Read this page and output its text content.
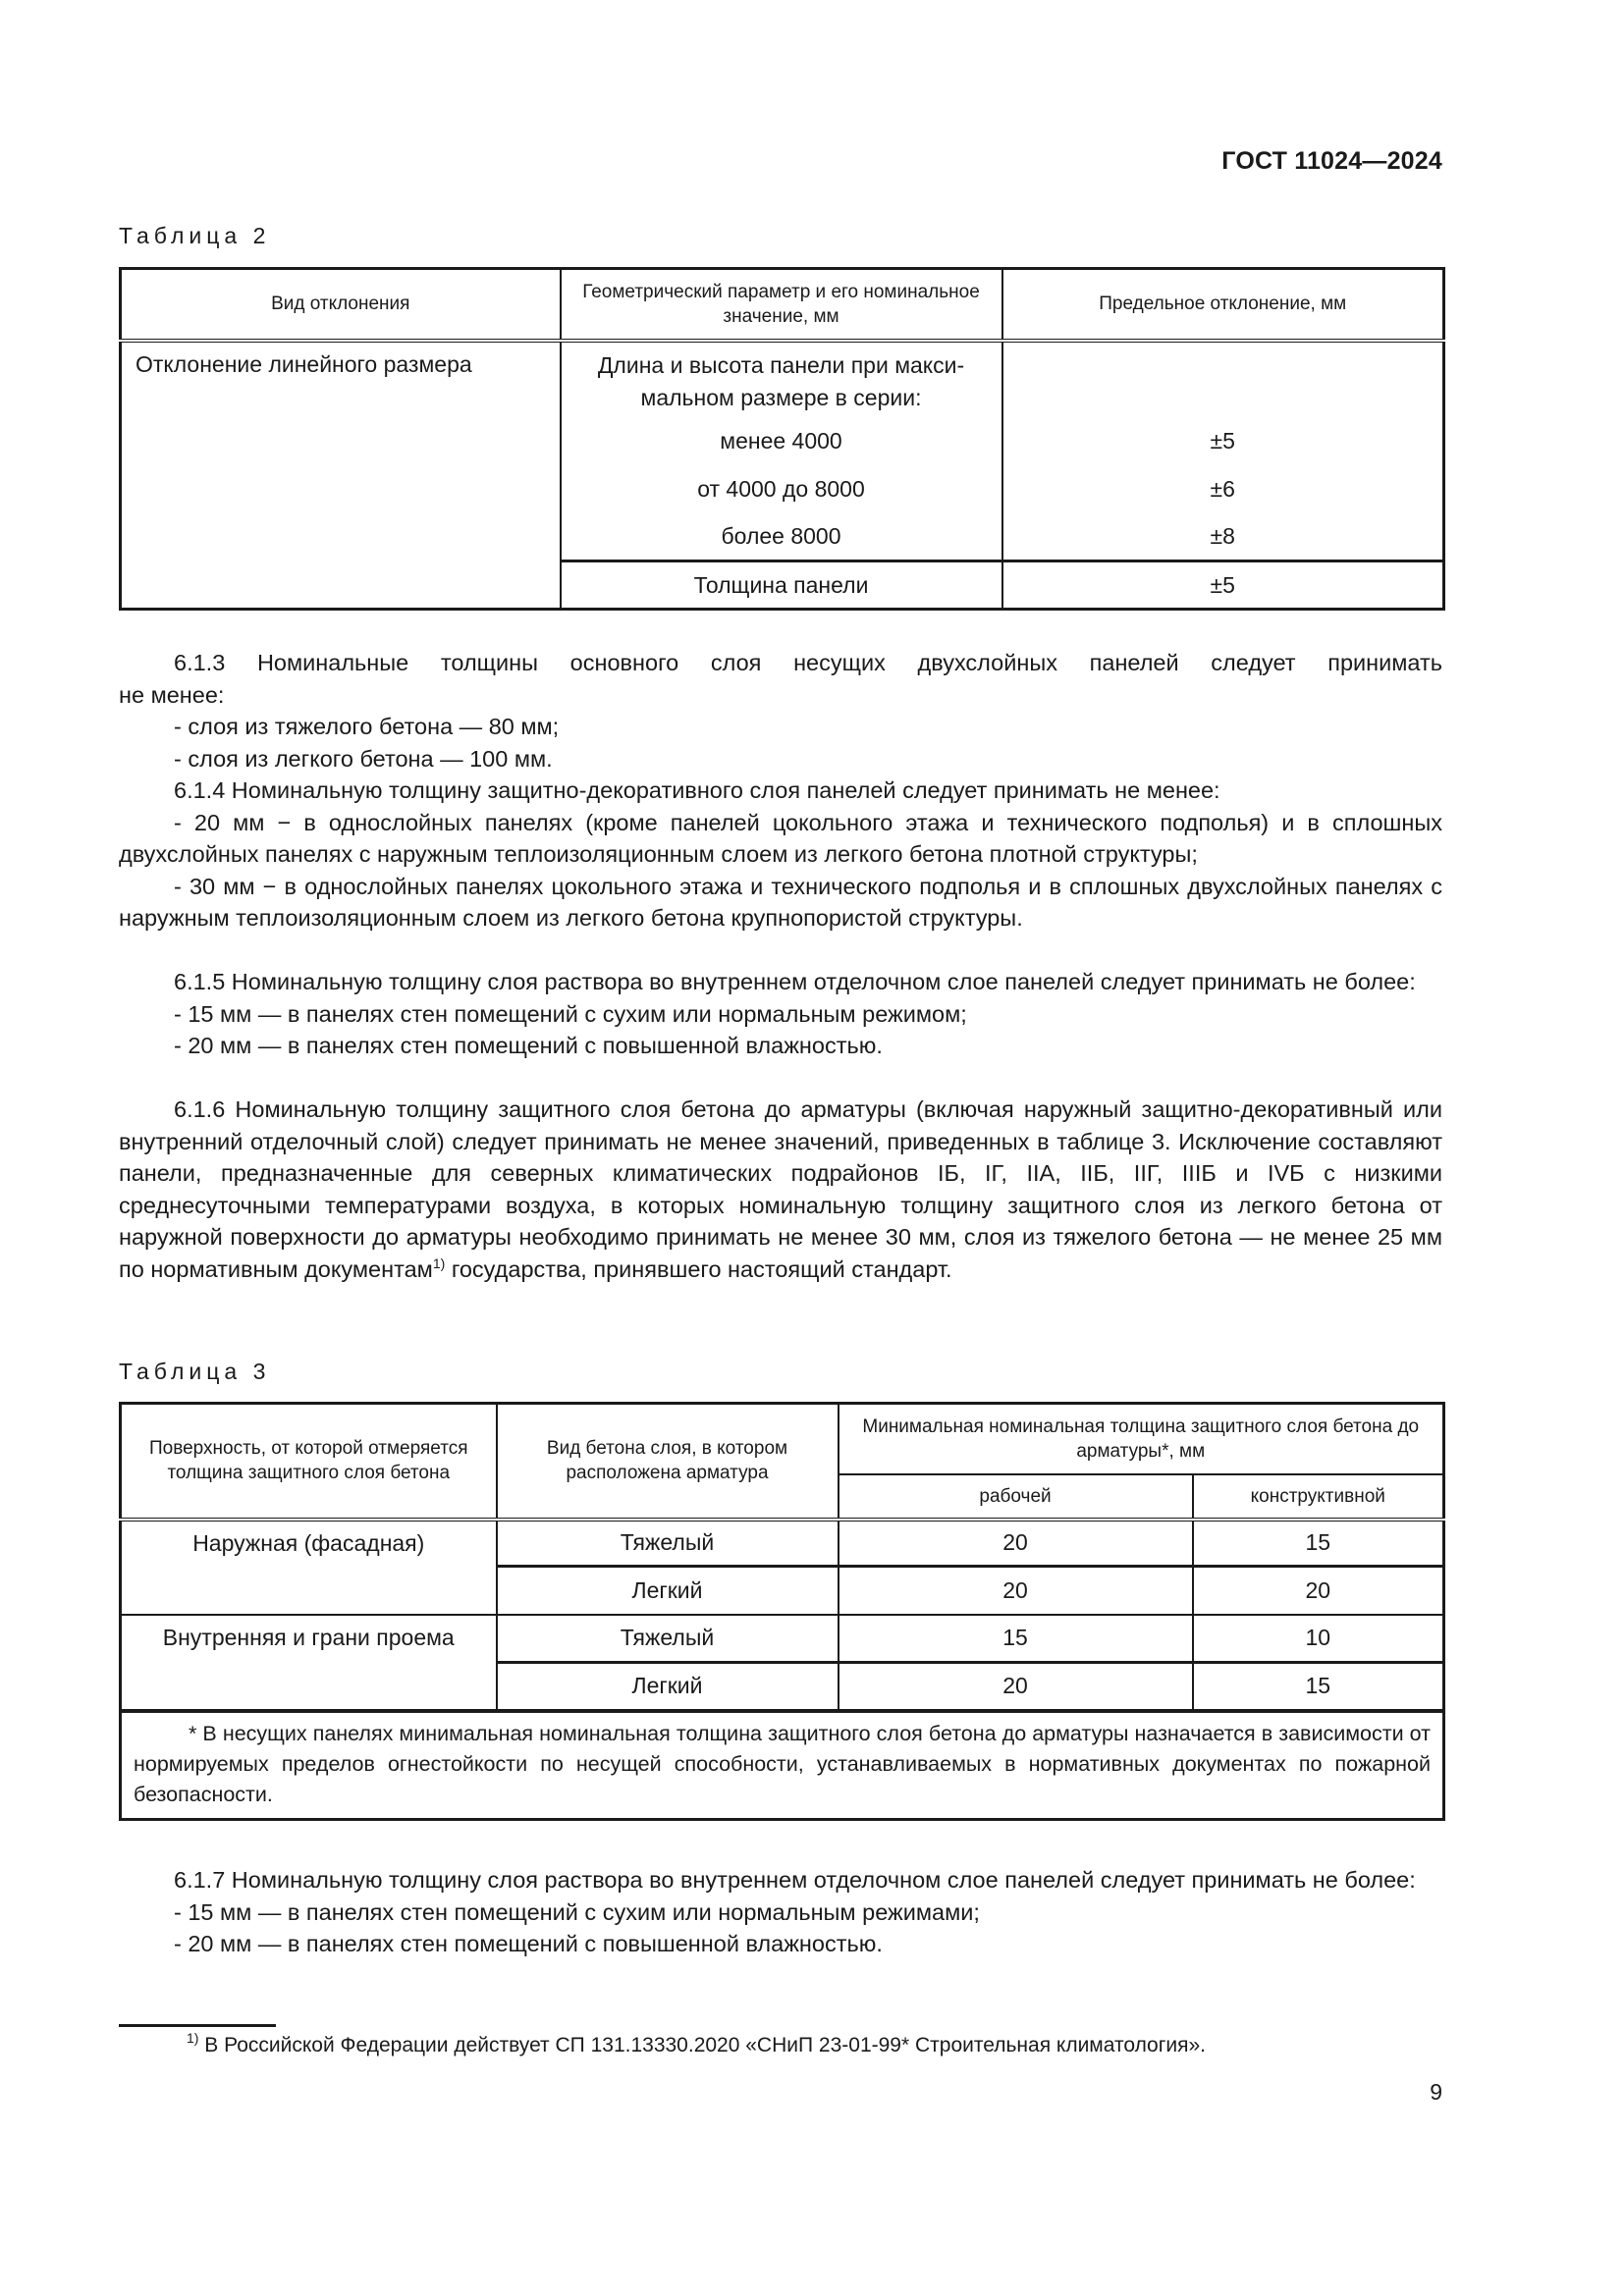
ГОСТ 11024—2024
Таблица 2
Вид отклонения	Геометрический параметр и его номинальное значение, мм	Предельное отклонение, мм
Отклонение линейного размера	Длина и высота панели при макси-
мальном размере в серии:	

	менее 4000	±5
	от 4000 до 8000	±6
	более 8000	±8
	Толщина панели	±5
6.1.3 Номинальные толщины основного слоя несущих двухслойных панелей следует принимать
не менее:
- слоя из тяжелого бетона — 80 мм;
- слоя из легкого бетона — 100 мм.
6.1.4 Номинальную толщину защитно-декоративного слоя панелей следует принимать не менее:
- 20 мм − в однослойных панелях (кроме панелей цокольного этажа и технического подполья) и в сплошных двухслойных панелях с наружным теплоизоляционным слоем из легкого бетона плотной структуры;
- 30 мм − в однослойных панелях цокольного этажа и технического подполья и в сплошных двухслойных панелях с наружным теплоизоляционным слоем из легкого бетона крупнопористой структуры.
6.1.5 Номинальную толщину слоя раствора во внутреннем отделочном слое панелей следует принимать не более:
- 15 мм — в панелях стен помещений с сухим или нормальным режимом;
- 20 мм — в панелях стен помещений с повышенной влажностью.
6.1.6 Номинальную толщину защитного слоя бетона до арматуры (включая наружный защитно-декоративный или внутренний отделочный слой) следует принимать не менее значений, приведенных в таблице 3. Исключение составляют панели, предназначенные для северных климатических подрайонов IБ, IГ, IIА, IIБ, IIГ, IIIБ и IVБ с низкими среднесуточными температурами воздуха, в которых номинальную толщину защитного слоя из легкого бетона от наружной поверхности до арматуры необходимо принимать не менее 30 мм, слоя из тяжелого бетона — не менее 25 мм по нормативным документам$^{1)}$ государства, принявшего настоящий стандарт.
Таблица 3
Поверхность, от которой отмеряется толщина защитного слоя бетона	Вид бетона слоя, в котором расположена арматура	Минимальная номинальная толщина защитного слоя бетона до арматуры*, мм	
		рабочей	конструктивной
Наружная (фасадная)	Тяжелый	20	15
	Легкий	20	20
Внутренняя и грани проема	Тяжелый	15	10
	Легкий	20	15
* В несущих панелях минимальная номинальная толщина защитного слоя бетона до арматуры назначается в зависимости от нормируемых пределов огнестойкости по несущей способности, устанавливаемых в нормативных документах по пожарной безопасности.			
6.1.7 Номинальную толщину слоя раствора во внутреннем отделочном слое панелей следует принимать не более:
- 15 мм — в панелях стен помещений с сухим или нормальным режимами;
- 20 мм — в панелях стен помещений с повышенной влажностью.
$^{1)}$ В Российской Федерации действует СП 131.13330.2020 «СНиП 23-01-99* Строительная климатология».
9
